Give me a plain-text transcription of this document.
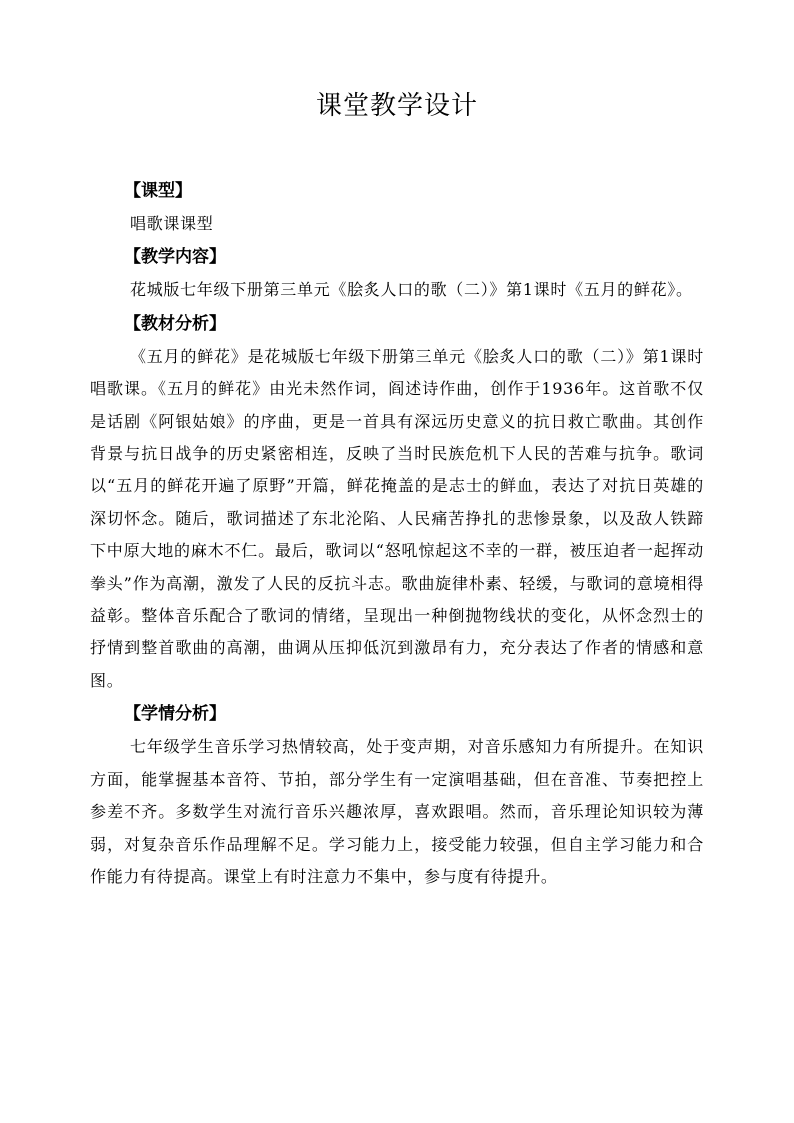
课堂教学设计
【课型】

唱歌课课型

【教学内容】

花城版七年级下册第三单元《脍炙人口的歌（二）》第1课时《五月的鲜花》。

【教材分析】

《五月的鲜花》是花城版七年级下册第三单元《脍炙人口的歌（二）》第1课时唱歌课。《五月的鲜花》由光未然作词，阎述诗作曲，创作于1936年。这首歌不仅是话剧《阿银姑娘》的序曲，更是一首具有深远历史意义的抗日救亡歌曲。其创作背景与抗日战争的历史紧密相连，反映了当时民族危机下人民的苦难与抗争。歌词以“五月的鲜花开遍了原野”开篇，鲜花掩盖的是志士的鲜血，表达了对抗日英雄的深切怀念。随后，歌词描述了东北沦陷、人民痛苦挣扎的悲惨景象，以及敌人铁蹄下中原大地的麻木不仁。最后，歌词以“怒吼惊起这不幸的一群，被压迫者一起挥动拳头”作为高潮，激发了人民的反抗斗志。歌曲旋律朴素、轻缓，与歌词的意境相得益彰。整体音乐配合了歌词的情绪，呈现出一种倒抛物线状的变化，从怀念烈士的抒情到整首歌曲的高潮，曲调从压抑低沉到激昂有力，充分表达了作者的情感和意图。

【学情分析】

七年级学生音乐学习热情较高，处于变声期，对音乐感知力有所提升。在知识方面，能掌握基本音符、节拍，部分学生有一定演唱基础，但在音准、节奏把控上参差不齐。多数学生对流行音乐兴趣浓厚，喜欢跟唱。然而，音乐理论知识较为薄弱，对复杂音乐作品理解不足。学习能力上，接受能力较强，但自主学习能力和合作能力有待提高。课堂上有时注意力不集中，参与度有待提升。
